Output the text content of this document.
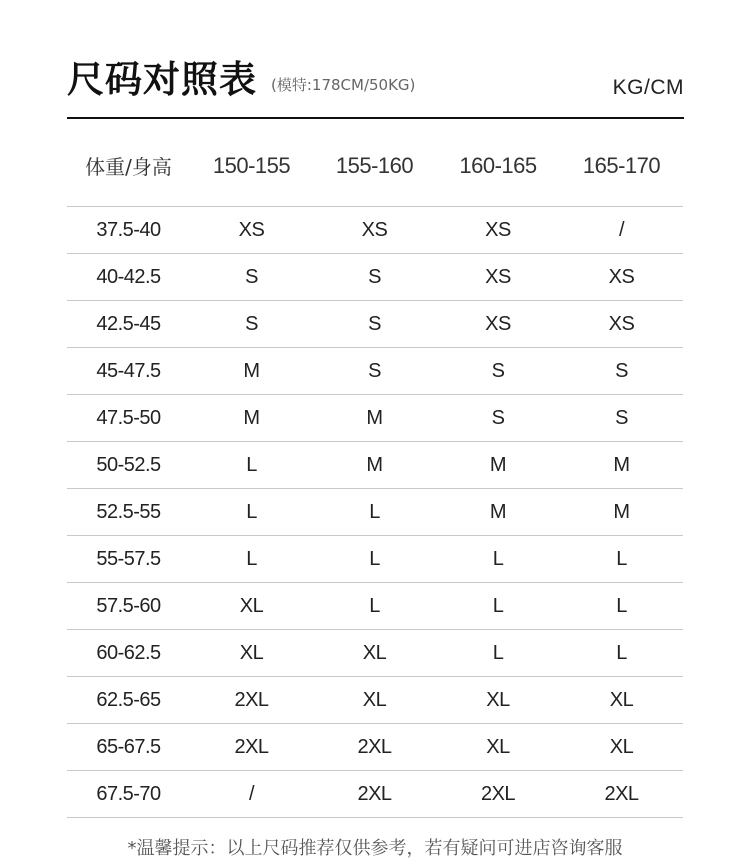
尺码对照表 (模特:178CM/50KG)	KG/CM
体重/身高	150-155	155-160	160-165	165-170
37.5-40	XS	XS	XS	/
40-42.5	S	S	XS	XS
42.5-45	S	S	XS	XS
45-47.5	M	S	S	S
47.5-50	M	M	S	S
50-52.5	L	M	M	M
52.5-55	L	L	M	M
55-57.5	L	L	L	L
57.5-60	XL	L	L	L
60-62.5	XL	XL	L	L
62.5-65	2XL	XL	XL	XL
65-67.5	2XL	2XL	XL	XL
67.5-70	/	2XL	2XL	2XL
*温馨提示：以上尺码推荐仅供参考，若有疑问可进店咨询客服
